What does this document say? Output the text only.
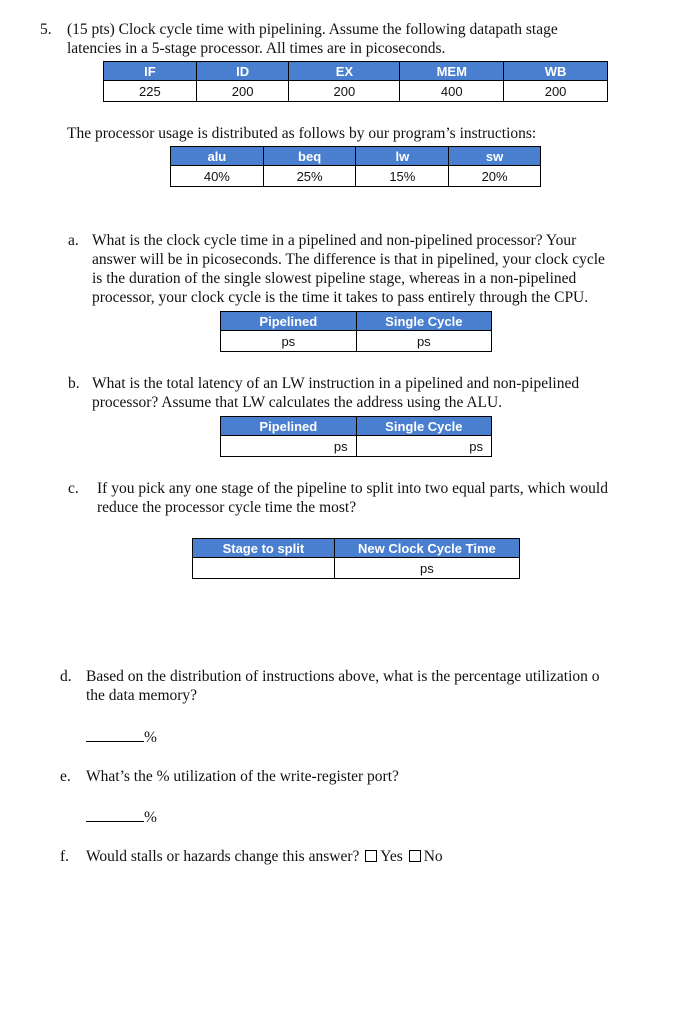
5. (15 pts) Clock cycle time with pipelining. Assume the following datapath stage
latencies in a 5-stage processor. All times are in picoseconds.
IF	ID	EX	MEM	WB
225	200	200	400	200
The processor usage is distributed as follows by our program’s instructions:
alu	beq	lw	sw
40%	25%	15%	20%
a. What is the clock cycle time in a pipelined and non-pipelined processor? Your
answer will be in picoseconds. The difference is that in pipelined, your clock cycle
is the duration of the single slowest pipeline stage, whereas in a non-pipelined
processor, your clock cycle is the time it takes to pass entirely through the CPU.
Pipelined	Single Cycle
ps	ps
b. What is the total latency of an LW instruction in a pipelined and non-pipelined
processor? Assume that LW calculates the address using the ALU.
Pipelined	Single Cycle
ps	ps
c. If you pick any one stage of the pipeline to split into two equal parts, which would
reduce the processor cycle time the most?
Stage to split	New Clock Cycle Time
	ps
d. Based on the distribution of instructions above, what is the percentage utilization o
the data memory?
%
e. What’s the % utilization of the write-register port?
%
f. Would stalls or hazards change this answer? Yes No
